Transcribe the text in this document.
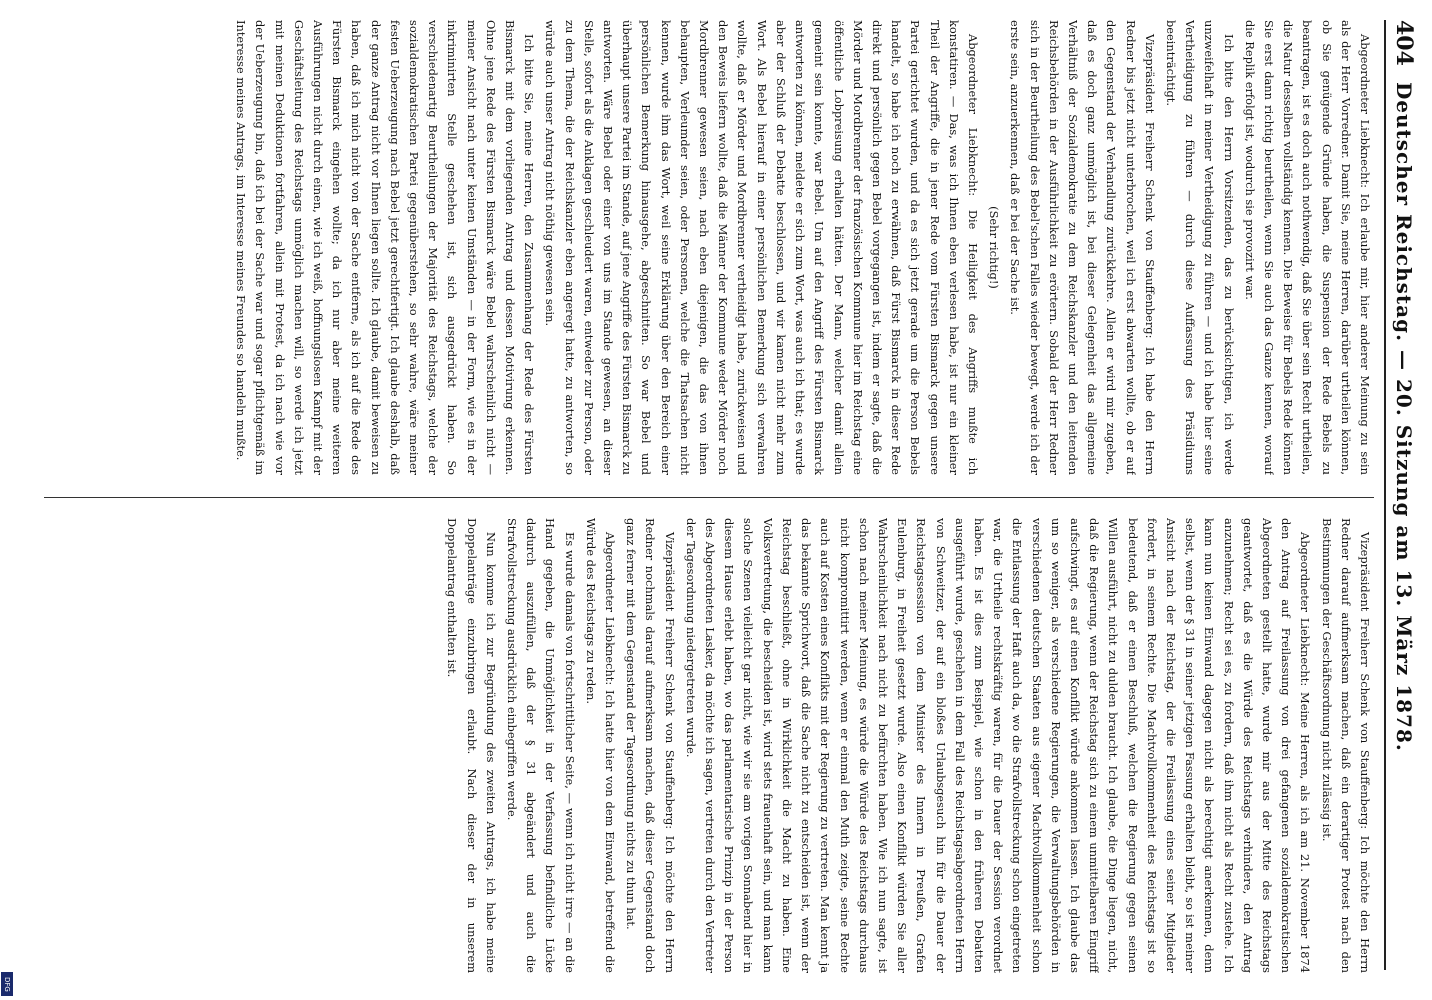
DFG
404
Deutscher Reichstag. — 20. Sitzung am 13. März 1878.

Abgeordneter Liebknecht: Ich erlaube mir, hier anderer Meinung zu sein als der Herr Vorredner. Damit Sie, meine Herren, darüber urtheilen können, ob Sie genügende Gründe haben, die Suspension der Rede Bebels zu beantragen, ist es doch auch nothwendig, daß Sie über sein Recht urtheilen, die Natur desselben vollständig kennen. Die Beweise für Bebels Rede können Sie erst dann richtig beurtheilen, wenn Sie auch das Ganze kennen, worauf die Replik erfolgt ist, wodurch sie provozirt war.

Ich bitte den Herrn Vorsitzenden, das zu berücksichtigen, ich werde unzweifelhaft in meiner Vertheidigung zu führen — und ich habe hier seine Vertheidigung zu führen — durch diese Auffassung des Präsidiums beeinträchtigt.

Vizepräsident Freiherr Schenk von Stauffenberg: Ich habe den Herrn Redner bis jetzt nicht unterbrochen, weil ich erst abwarten wollte, ob er auf den Gegenstand der Verhandlung zurückkehre. Allein er wird mir zugeben, daß es doch ganz unmöglich ist, bei dieser Gelegenheit das allgemeine Verhältniß der Sozialdemokratie zu dem Reichskanzler und den leitenden Reichsbehörden in der Ausführlichkeit zu erörtern. Sobald der Herr Redner sich in der Beurtheilung des Bebel'schen Falles wieder bewegt, werde ich der erste sein, anzuerkennen, daß er bei der Sache ist.

(Sehr richtig!)

Abgeordneter Liebknecht: Die Heiligkeit des Angriffs mußte ich konstatiren. — Das, was ich Ihnen eben verlesen habe, ist nur ein kleiner Theil der Angriffe, die in jener Rede vom Fürsten Bismarck gegen unsere Partei gerichtet wurden, und da es sich jetzt gerade um die Person Bebels handelt, so habe ich noch zu erwähnen, daß Fürst Bismarck in dieser Rede direkt und persönlich gegen Bebel vorgegangen ist, indem er sagte, daß die Mörder und Mordbrenner der französischen Kommune hier im Reichstag eine öffentliche Lobpreisung erhalten hätten. Der Mann, welcher damit allein gemeint sein konnte, war Bebel. Um auf den Angriff des Fürsten Bismarck antworten zu können, meldete er sich zum Wort, was auch ich that; es wurde aber der Schluß der Debatte beschlossen, und wir kamen nicht mehr zum Wort. Als Bebel hierauf in einer persönlichen Bemerkung sich verwahren wollte, daß er Mörder und Mordbrenner vertheidigt habe, zurückweisen und den Beweis liefern wollte, daß die Männer der Kommune weder Mörder noch Mordbrenner gewesen seien, nach eben diejenigen, die das von ihnen behaupten, Verleumder seien, oder Personen, welche die Thatsachen nicht kennen, wurde ihm das Wort, weil seine Erklärung über den Bereich einer persönlichen Bemerkung hinausgehe, abgeschnitten. So war Bebel und überhaupt unsere Partei im Stande, auf jene Angriffe des Fürsten Bismarck zu antworten. Wäre Bebel oder einer von uns im Stande gewesen, an dieser Stelle, sofort als die Anklagen geschleudert waren, entweder zur Person, oder zu dem Thema, die der Reichskanzler eben angeregt hatte, zu antworten, so würde auch unser Antrag nicht nöthig gewesen sein.

Ich bitte Sie, meine Herren, den Zusammenhang der Rede des Fürsten Bismarck mit dem vorliegenden Antrag und dessen Motivirung erkennen. Ohne jene Rede des Fürsten Bismarck wäre Bebel wahrscheinlich nicht — meiner Ansicht nach unter keinen Umständen — in der Form, wie es in der inkriminirten Stelle geschehen ist, sich ausgedrückt haben. So verschiedenartig Beurtheilungen der Majorität des Reichstags, welche der sozialdemokratischen Partei gegenüberstehen, so sehr wahre, wäre meiner festen Ueberzeugung nach Bebel jetzt gerechtfertigt. Ich glaube deshalb, daß der ganze Antrag nicht vor Ihnen liegen sollte. Ich glaube, damit beweisen zu haben, daß ich mich nicht von der Sache entferne, als ich auf die Rede des Fürsten Bismarck eingehen wollte; da ich nur aber meine weiteren Ausführungen nicht durch einen, wie ich weiß, hoffnungslosen Kampf mit der Geschäftsleitung des Reichstags unmöglich machen will, so werde ich jetzt mit meinen Deduktionen fortfahren, allein mit Protest, da ich nach wie vor der Ueberzeugung bin, daß ich bei der Sache war und sogar pflichtgemäß im Interesse meines Antrags, im Interesse meines Freundes so handeln mußte.

Vizepräsident Freiherr Schenk von Stauffenberg: Ich möchte den Herrn Redner darauf aufmerksam machen, daß ein derartiger Protest nach den Bestimmungen der Geschäftsordnung nicht zulässig ist.

Abgeordneter Liebknecht: Meine Herren, als ich am 21. November 1874 den Antrag auf Freilassung von drei gefangenen sozialdemokratischen Abgeordneten gestellt hatte, wurde mir aus der Mitte des Reichstags geantwortet, daß es die Würde des Reichstags verhindere, den Antrag anzunehmen; Recht sei es, zu fordern, daß ihm nicht als Recht zustehe. Ich kann nun keinen Einwand dagegen nicht als berechtigt anerkennen, denn selbst, wenn der § 31 in seiner jetzigen Fassung erhalten bleibt, so ist meiner Ansicht nach der Reichstag, der die Freilassung eines seiner Mitglieder fordert, in seinem Rechte. Die Machtvollkommenheit des Reichstags ist so bedeutend, daß er einen Beschluß, welchen die Regierung gegen seinen Willen ausführt, nicht zu dulden braucht. Ich glaube, die Dinge liegen, nicht, daß die Regierung, wenn der Reichstag sich zu einem unmittelbaren Eingriff aufschwingt, es auf einen Konflikt würde ankommen lassen. Ich glaube das um so weniger, als verschiedene Regierungen, die Verwaltungsbehörden in verschiedenen deutschen Staaten aus eigener Machtvollkommenheit schon die Entlassung der Haft auch da, wo die Strafvollstreckung schon eingetreten war, die Urtheile rechtskräftig waren, für die Dauer der Session verordnet haben. Es ist dies zum Beispiel, wie schon in den früheren Debatten ausgeführt wurde, geschehen in dem Fall des Reichstagsabgeordneten Herrn von Schweitzer, der auf ein bloßes Urlaubsgesuch hin für die Dauer der Reichstagssession von dem Minister des Innern in Preußen, Grafen Eulenburg, in Freiheit gesetzt wurde. Also einen Konflikt würden Sie aller Wahrscheinlichkeit nach nicht zu befürchten haben. Wie ich nun sagte, ist schon nach meiner Meinung, es würde die Würde des Reichstags durchaus nicht kompromittirt werden, wenn er einmal den Muth zeigte, seine Rechte auch auf Kosten eines Konflikts mit der Regierung zu vertreten. Man kennt ja das bekannte Sprichwort, daß die Sache nicht zu entscheiden ist, wenn der Reichstag beschließt, ohne in Wirklichkeit die Macht zu haben. Eine Volksvertretung, die bescheiden ist, wird stets frauenhaft sein, und man kann solche Szenen vielleicht gar nicht, wie wir sie am vorigen Sonnabend hier in diesem Hause erlebt haben, wo das parlamentarische Prinzip in der Person des Abgeordneten Lasker, da möchte ich sagen, vertreten durch den Vertreter der Tagesordnung niedergetreten wurde.

Vizepräsident Freiherr Schenk von Stauffenberg: Ich möchte den Herrn Redner nochmals darauf aufmerksam machen, daß dieser Gegenstand doch ganz ferner mit dem Gegenstand der Tagesordnung nichts zu thun hat.

Abgeordneter Liebknecht: Ich hatte hier von dem Einwand, betreffend die Würde des Reichstags zu reden.

Es wurde damals von fortschrittlicher Seite, — wenn ich nicht irre — an die Hand gegeben, die Unmöglichkeit in der Verfassung befindliche Lücke dadurch auszufüllen, daß der § 31 abgeändert und auch die Strafvollstreckung ausdrücklich einbegriffen werde.

Nun komme ich zur Begründung des zweiten Antrags, ich habe meine Doppelanträge einzubringen erlaubt. Nach dieser der in unserem Doppelantrag enthalten ist.
